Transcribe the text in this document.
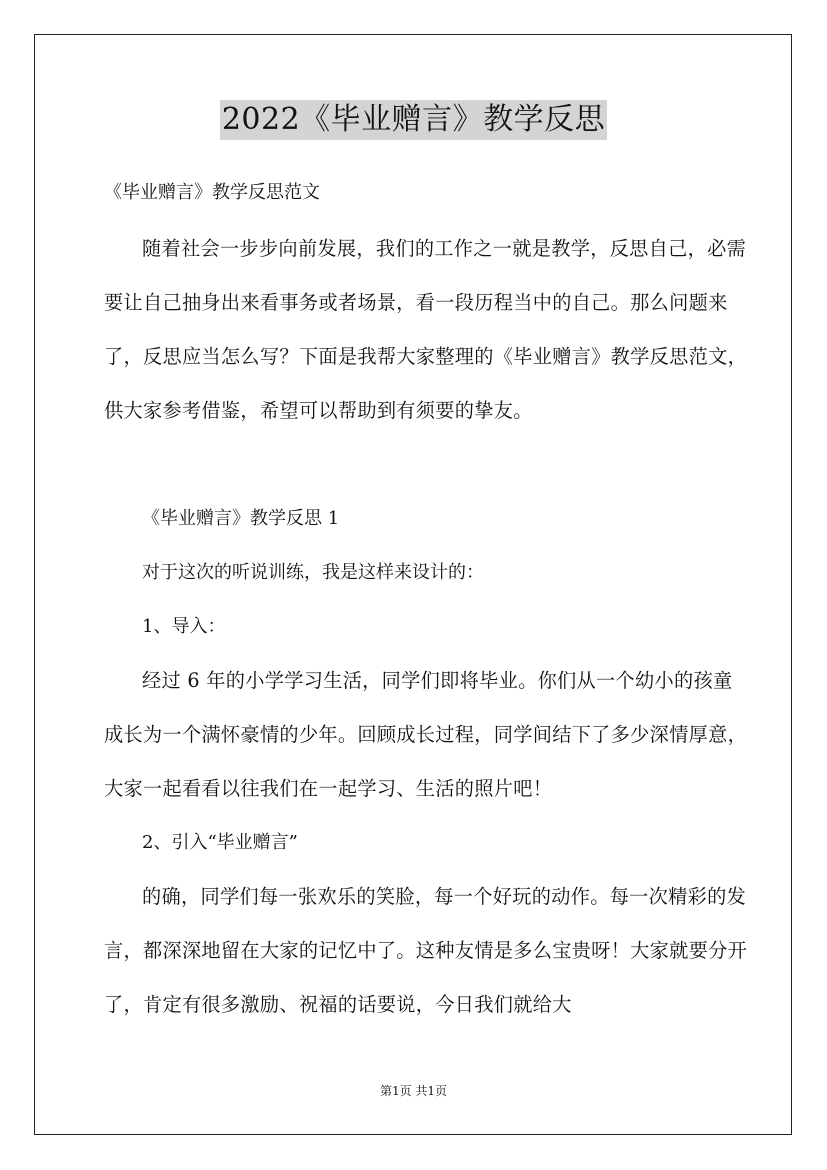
2022《毕业赠言》教学反思
《毕业赠言》教学反思范文

随着社会一步步向前发展，我们的工作之一就是教学，反思自己，必需要让自己抽身出来看事务或者场景，看一段历程当中的自己。那么问题来了，反思应当怎么写？下面是我帮大家整理的《毕业赠言》教学反思范文，供大家参考借鉴，希望可以帮助到有须要的挚友。

《毕业赠言》教学反思 1
对于这次的听说训练，我是这样来设计的：
1、导入：

经过 6 年的小学学习生活，同学们即将毕业。你们从一个幼小的孩童成长为一个满怀豪情的少年。回顾成长过程，同学间结下了多少深情厚意，大家一起看看以往我们在一起学习、生活的照片吧！

2、引入“毕业赠言”

的确，同学们每一张欢乐的笑脸，每一个好玩的动作。每一次精彩的发言，都深深地留在大家的记忆中了。这种友情是多么宝贵呀！大家就要分开了，肯定有很多激励、祝福的话要说，今日我们就给大

第1页 共1页
